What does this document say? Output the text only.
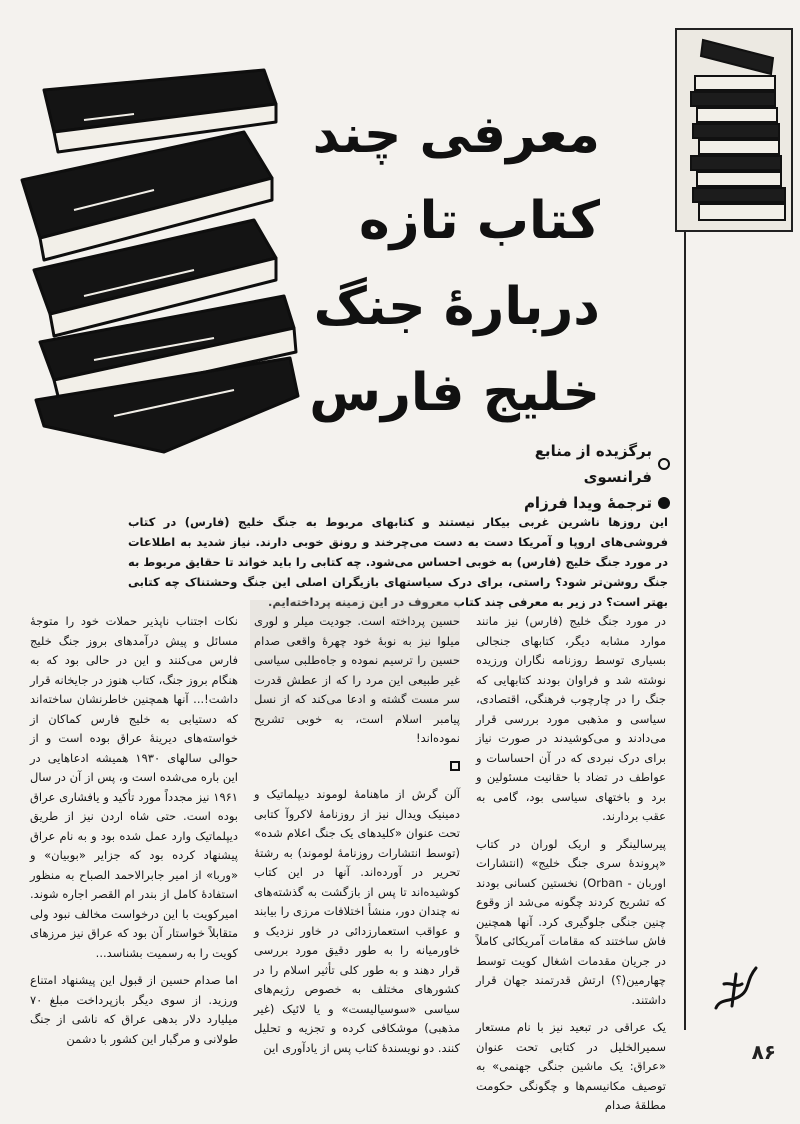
معرفی چند
کتاب تازه
دربارهٔ جنگ
خلیج فارس
برگزیده از منابع فرانسوی
ترجمهٔ ویدا فرزام
این روزها ناشرین غربی بیکار نیستند و کتابهای مربوط به جنگ خلیج (فارس) در کتاب فروشی‌های اروپا و آمریکا دست به دست می‌چرخند و رونق خوبی دارند. نیاز شدید به اطلاعات در مورد جنگ خلیج (فارس) به خوبی احساس می‌شود. چه کتابی را باید خواند تا حقایق مربوط به جنگ روشن‌تر شود؟ راستی، برای درک سیاستهای بازیگران اصلی این جنگ وحشتناک چه کتابی بهتر است؟ در زیر به معرفی چند کتاب معروف در این زمینه پرداخته‌ایم.

در مورد جنگ خلیج (فارس) نیز مانند موارد مشابه دیگر، کتابهای جنجالی بسیاری توسط روزنامه نگاران ورزیده نوشته شد و فراوان بودند کتابهایی که جنگ را در چارچوب فرهنگی، اقتصادی، سیاسی و مذهبی مورد بررسی قرار می‌دادند و می‌کوشیدند در صورت نیاز برای درک نبردی که در آن احساسات و عواطف در تضاد با حقانیت مسئولین و برد و باختهای سیاسی بود، گامی به عقب بردارند.

پیرسالینگر و اریک لوران در کتاب «پروندهٔ سری جنگ خلیج» (انتشارات اوربان - Orban) نخستین کسانی بودند که تشریح کردند چگونه می‌شد از وقوع چنین جنگی جلوگیری کرد. آنها همچنین فاش ساختند که مقامات آمریکائی کاملاً در جریان مقدمات اشغال کویت توسط چهارمین(؟) ارتش قدرتمند جهان قرار داشتند.

یک عراقی در تبعید نیز با نام مستعار سمیرالخلیل در کتابی تحت عنوان «عراق: یک ماشین جنگی جهنمی» به توصیف مکانیسم‌ها و چگونگی حکومت مطلقهٔ صدام

حسین پرداخته است. جودیت میلر و لوری میلوا نیز به نوبهٔ خود چهرهٔ واقعی صدام حسین را ترسیم نموده و جاه‌طلبی سیاسی غیر طبیعی این مرد را که از عطش قدرت سر مست گشته و ادعا می‌کند که از نسل پیامبر اسلام است، به خوبی تشریح نموده‌اند!

آلن گرش از ماهنامهٔ لوموند دیپلماتیک و دمینیک ویدال نیز از روزنامهٔ لاکروآ کتابی تحت عنوان «کلیدهای یک جنگ اعلام شده» (توسط انتشارات روزنامهٔ لوموند) به رشتهٔ تحریر در آورده‌اند. آنها در این کتاب کوشیده‌اند تا پس از بازگشت به گذشته‌های نه چندان دور، منشأ اختلافات مرزی را بیابند و عواقب استعمارزدائی در خاور نزدیک و خاورمیانه را به طور دقیق مورد بررسی قرار دهند و به طور کلی تأثیر اسلام را در کشورهای مختلف به خصوص رژیم‌های سیاسی «سوسیالیست» و یا لائیک (غیر مذهبی) موشکافی کرده و تجزیه و تحلیل کنند. دو نویسندهٔ کتاب پس از یادآوری این

نکات اجتناب ناپذیر حملات خود را متوجهٔ مسائل و پیش درآمدهای بروز جنگ خلیج فارس می‌کنند و این در حالی بود که به هنگام بروز جنگ، کتاب هنوز در جایخانه قرار داشت!... آنها همچنین خاطرنشان ساخته‌اند که دستیابی به خلیج فارس کماکان از خواسته‌های دیرینهٔ عراق بوده است و از حوالی سالهای ۱۹۳۰ همیشه ادعاهایی در این باره می‌شده است و، پس از آن در سال ۱۹۶۱ نیز مجدداً مورد تأکید و یافشاری عراق بوده است. حتی شاه اردن نیز از طریق دیپلماتیک وارد عمل شده بود و به نام عراق پیشنهاد کرده بود که جزایر «بوبیان» و «وربا» از امیر جابرالاحمد الصباح به منظور استفادهٔ کامل از بندر ام القصر اجاره شوند. امیرکویت با این درخواست مخالف نبود ولی متقابلاً خواستار آن بود که عراق نیز مرزهای کویت را به رسمیت بشناسد...

اما صدام حسین از قبول این پیشنهاد امتناع ورزید. از سوی دیگر بازپرداخت مبلغ ۷۰ میلیارد دلار بدهی عراق که ناشی از جنگ طولانی و مرگبار این کشور با دشمن

۸۶
